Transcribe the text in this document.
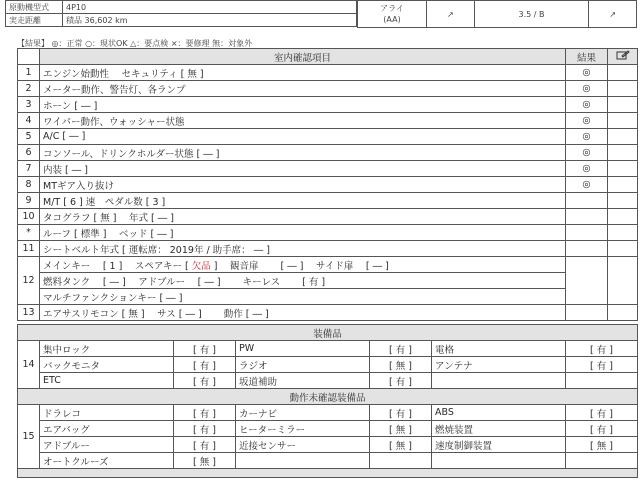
原動機型式	4P10
実走距離	積品 36,602 km
アライ
(AA)
	↗	3.5 / B	↗
【結果】 ◎：正常 ○：現状OK △：要点検 ×：要修理 無：対象外
	室内確認項目	結果	
1	エンジン始動性　 セキュリティ [ 無 ]	◎	
2	メーター動作、警告灯、各ランプ	◎	
3	ホーン [ ― ]	◎	
4	ワイパー動作、ウォッシャー状態	◎	
5	A/C [ ― ]	◎	
6	コンソール、ドリンクホルダー状態 [ ― ]	◎	
7	内装 [ ― ]	◎	
8	MTギア入り抜け	◎	
9	M/T [ 6 ] 速　ペダル数 [ 3 ]		
10	タコグラフ [ 無 ]　 年式 [ ― ]		
*	ルーフ [ 標準 ]　 ベッド [ ― ]		
11	シートベルト年式 [ 運転席： 2019年 / 助手席： ― ]		
12	メインキー　 [ 1 ]　 スペアキー [ 欠品 ]　 観音扉　　 [ ― ]　 サイド扉　 [ ― ]		
	燃料タンク　 [ ― ]　 アドブルー　 [ ― ]　　 キーレス　　 [ 有 ]		
	マルチファンクションキー [ ― ]		
13	エアサスリモコン [ 無 ]　 サス [ ― ]　　 動作 [ ― ]		
装備品						
14	集中ロック	[ 有 ]	PW	[ 有 ]	電格	[ 有 ]
	バックモニタ	[ 有 ]	ラジオ	[ 無 ]	アンテナ	[ 有 ]
	ETC	[ 有 ]	坂道補助	[ 有 ]		
動作未確認装備品						
15	ドラレコ	[ 有 ]	カーナビ	[ 有 ]	ABS	[ 有 ]
	エアバッグ	[ 有 ]	ヒーターミラー	[ 無 ]	燃焼装置	[ 有 ]
	アドブルー	[ 有 ]	近接センサー	[ 無 ]	速度制御装置	[ 無 ]
	オートクルーズ	[ 無 ]				
